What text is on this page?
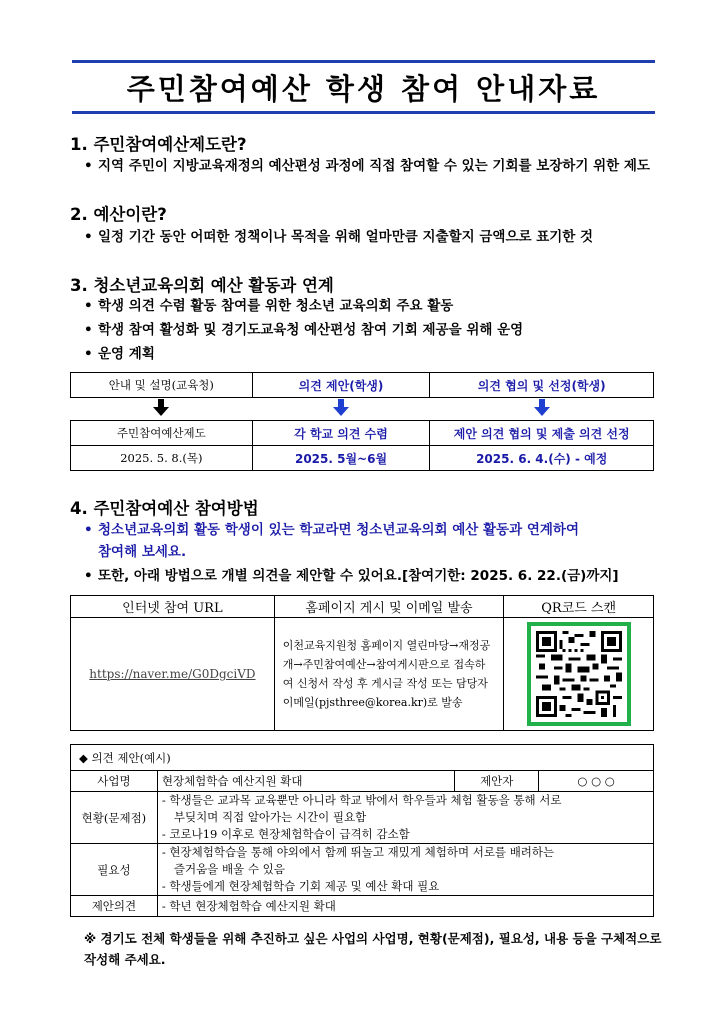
주민참여예산 학생 참여 안내자료
1. 주민참여예산제도란?
• 지역 주민이 지방교육재정의 예산편성 과정에 직접 참여할 수 있는 기회를 보장하기 위한 제도
2. 예산이란?
• 일정 기간 동안 어떠한 정책이나 목적을 위해 얼마만큼 지출할지 금액으로 표기한 것
3. 청소년교육의회 예산 활동과 연계
• 학생 의견 수렴 활동 참여를 위한 청소년 교육의회 주요 활동
• 학생 참여 활성화 및 경기도교육청 예산편성 참여 기회 제공을 위해 운영
• 운영 계획
안내 및 설명(교육청)	의견 제안(학생)	의견 협의 및 선정(학생)

주민참여예산제도	각 학교 의견 수렴	제안 의견 협의 및 제출 의견 선정
2025. 5. 8.(목)	2025. 5월~6월	2025. 6. 4.(수) - 예정
4. 주민참여예산 참여방법
• 청소년교육의회 활동 학생이 있는 학교라면 청소년교육의회 예산 활동과 연계하여
참여해 보세요.
• 또한, 아래 방법으로 개별 의견을 제안할 수 있어요.[참여기한: 2025. 6. 22.(금)까지]
인터넷 참여 URL	홈페이지 게시 및 이메일 발송	QR코드 스캔
https://naver.me/G0DgciVD	이천교육지원청 홈페이지 열린마당→재정공개→주민참여예산→참여게시판으로 접속하여 신청서 작성 후 게시글 작성 또는 담당자 이메일(pjsthree@korea.kr)로 발송	
◆ 의견 제안(예시)			
사업명	현장체험학습 예산지원 확대	제안자	○ ○ ○
현황(문제점)	- 학생들은 교과목 교육뿐만 아니라 학교 밖에서 학우들과 체험 활동을 통해 서로
부딪치며 직접 알아가는 시간이 필요함
- 코로나19 이후로 현장체험학습이 급격히 감소함		

필요성	- 현장체험학습을 통해 야외에서 함께 뛰놀고 재밌게 체험하며 서로를 배려하는
즐거움을 배울 수 있음
- 학생들에게 현장체험학습 기회 제공 및 예산 확대 필요		

제안의견	- 학년 현장체험학습 예산지원 확대		
※ 경기도 전체 학생들을 위해 추진하고 싶은 사업의 사업명, 현황(문제점), 필요성, 내용 등을 구체적으로 작성해 주세요.
